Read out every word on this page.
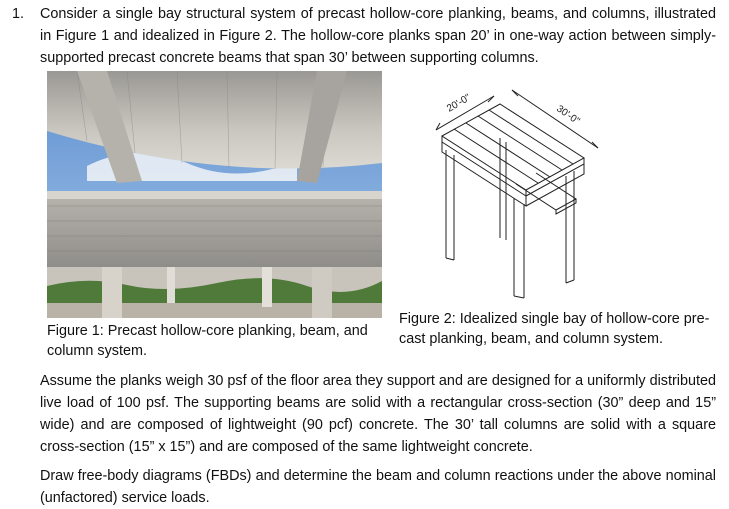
1. Consider a single bay structural system of precast hollow-core planking, beams, and columns, illustrated in Figure 1 and idealized in Figure 2. The hollow-core planks span 20’ in one-way action between simply-supported precast concrete beams that span 30’ between supporting columns.
Figure 1: Precast hollow-core planking, beam, and column system.
20'-0"	30'-0"
Figure 2: Idealized single bay of hollow-core pre-cast planking, beam, and column system.
Assume the planks weigh 30 psf of the floor area they support and are designed for a uniformly distributed live load of 100 psf. The supporting beams are solid with a rectangular cross-section (30” deep and 15” wide) and are composed of lightweight (90 pcf) concrete. The 30’ tall columns are solid with a square cross-section (15” x 15”) and are composed of the same lightweight concrete.
Draw free-body diagrams (FBDs) and determine the beam and column reactions under the above nominal (unfactored) service loads.
